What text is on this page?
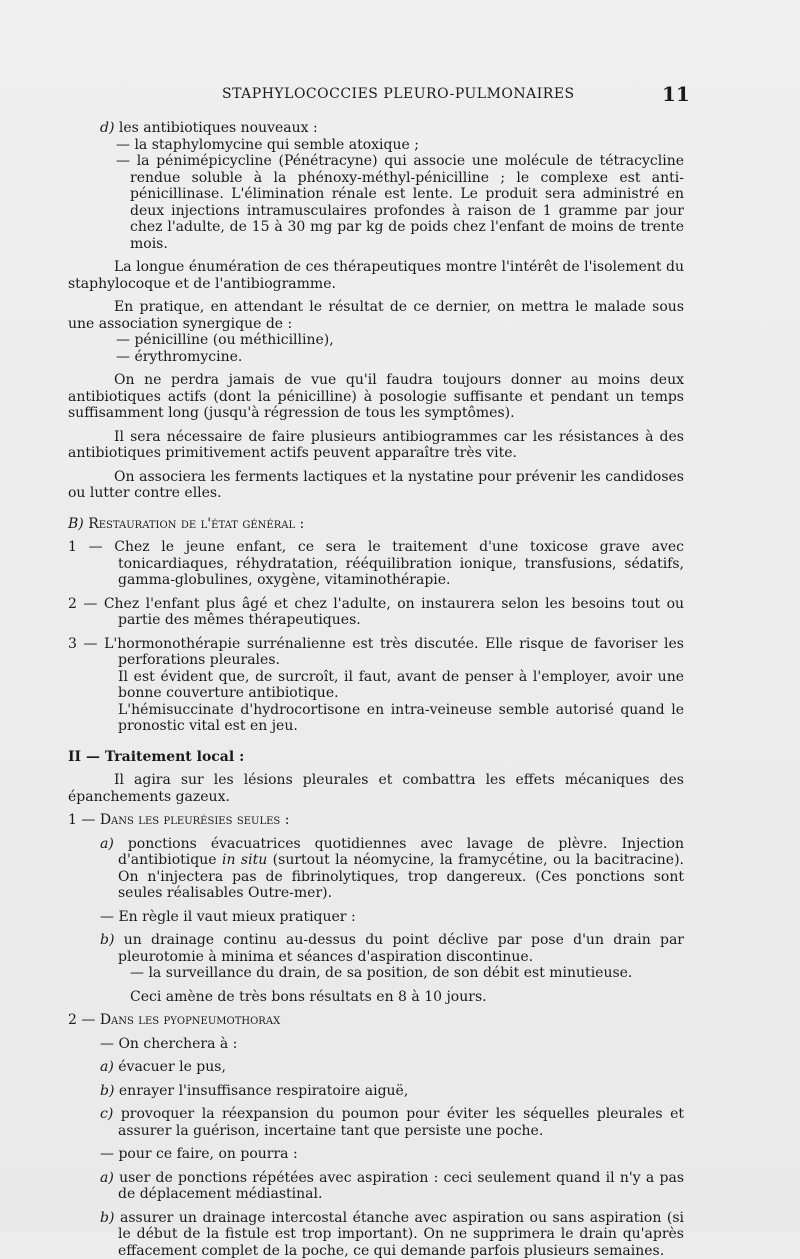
STAPHYLOCOCCIES PLEURO-PULMONAIRES	11

d) les antibiotiques nouveaux :

— la staphylomycine qui semble atoxique ;

— la pénimépicycline (Pénétracyne) qui associe une molécule de tétracycline rendue soluble à la phénoxy-méthyl-pénicilline ; le complexe est anti-pénicillinase. L'élimination rénale est lente. Le produit sera administré en deux injections intramusculaires profondes à raison de 1 gramme par jour chez l'adulte, de 15 à 30 mg par kg de poids chez l'enfant de moins de trente mois.

La longue énumération de ces thérapeutiques montre l'intérêt de l'isolement du staphylocoque et de l'antibiogramme.

En pratique, en attendant le résultat de ce dernier, on mettra le malade sous une association synergique de :

— pénicilline (ou méthicilline),

— érythromycine.

On ne perdra jamais de vue qu'il faudra toujours donner au moins deux antibiotiques actifs (dont la pénicilline) à posologie suffisante et pendant un temps suffisamment long (jusqu'à régression de tous les symptômes).

Il sera nécessaire de faire plusieurs antibiogrammes car les résistances à des antibiotiques primitivement actifs peuvent apparaître très vite.

On associera les ferments lactiques et la nystatine pour prévenir les candidoses ou lutter contre elles.

B) Restauration de l'état général :

1 — Chez le jeune enfant, ce sera le traitement d'une toxicose grave avec tonicardiaques, réhydratation, rééquilibration ionique, transfusions, sédatifs, gamma-globulines, oxygène, vitaminothérapie.

2 — Chez l'enfant plus âgé et chez l'adulte, on instaurera selon les besoins tout ou partie des mêmes thérapeutiques.

3 — L'hormonothérapie surrénalienne est très discutée. Elle risque de favoriser les perforations pleurales.

Il est évident que, de surcroît, il faut, avant de penser à l'employer, avoir une bonne couverture antibiotique.

L'hémisuccinate d'hydrocortisone en intra-veineuse semble autorisé quand le pronostic vital est en jeu.

II — Traitement local :

Il agira sur les lésions pleurales et combattra les effets mécaniques des épanchements gazeux.

1 — Dans les pleurésies seules :

a) ponctions évacuatrices quotidiennes avec lavage de plèvre. Injection d'antibiotique in situ (surtout la néomycine, la framycétine, ou la bacitracine). On n'injectera pas de fibrinolytiques, trop dangereux. (Ces ponctions sont seules réalisables Outre-mer).

— En règle il vaut mieux pratiquer :

b) un drainage continu au-dessus du point déclive par pose d'un drain par pleurotomie à minima et séances d'aspiration discontinue.

— la surveillance du drain, de sa position, de son débit est minutieuse.

Ceci amène de très bons résultats en 8 à 10 jours.

2 — Dans les pyopneumothorax

— On cherchera à :

a) évacuer le pus,

b) enrayer l'insuffisance respiratoire aiguë,

c) provoquer la réexpansion du poumon pour éviter les séquelles pleurales et assurer la guérison, incertaine tant que persiste une poche.

— pour ce faire, on pourra :

a) user de ponctions répétées avec aspiration : ceci seulement quand il n'y a pas de déplacement médiastinal.

b) assurer un drainage intercostal étanche avec aspiration ou sans aspiration (si le début de la fistule est trop important). On ne supprimera le drain qu'après effacement complet de la poche, ce qui demande parfois plusieurs semaines.
